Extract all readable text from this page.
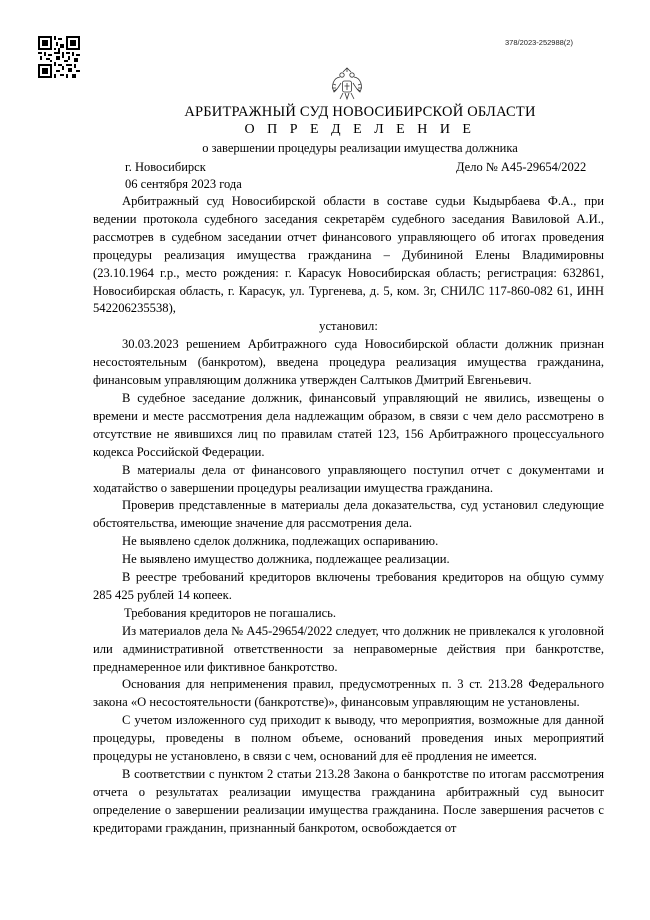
378/2023-252988(2)
АРБИТРАЖНЫЙ СУД НОВОСИБИРСКОЙ ОБЛАСТИ
О П Р Е Д Е Л Е Н И Е
о завершении процедуры реализации имущества должника
г. Новосибирск	Дело № А45-29654/2022
06 сентября 2023 года

Арбитражный суд Новосибирской области в составе судьи Кыдырбаева Ф.А., при ведении протокола судебного заседания секретарём судебного заседания Вавиловой А.И., рассмотрев в судебном заседании отчет финансового управляющего об итогах проведения процедуры реализация имущества гражданина – Дубининой Елены Владимировны (23.10.1964 г.р., место рождения: г. Карасук Новосибирская область; регистрация: 632861, Новосибирская область, г. Карасук, ул. Тургенева, д. 5, ком. 3г, СНИЛС 117-860-082 61, ИНН 542206235538),

установил:

30.03.2023 решением Арбитражного суда Новосибирской области должник признан несостоятельным (банкротом), введена процедура реализация имущества гражданина, финансовым управляющим должника утвержден Салтыков Дмитрий Евгеньевич.

В судебное заседание должник, финансовый управляющий не явились, извещены о времени и месте рассмотрения дела надлежащим образом, в связи с чем дело рассмотрено в отсутствие не явившихся лиц по правилам статей 123, 156 Арбитражного процессуального кодекса Российской Федерации.

В материалы дела от финансового управляющего поступил отчет с документами и ходатайство о завершении процедуры реализации имущества гражданина.

Проверив представленные в материалы дела доказательства, суд установил следующие обстоятельства, имеющие значение для рассмотрения дела.

Не выявлено сделок должника, подлежащих оспариванию.

Не выявлено имущество должника, подлежащее реализации.

В реестре требований кредиторов включены требования кредиторов на общую сумму 285 425 рублей 14 копеек.

Требования кредиторов не погашались.

Из материалов дела № А45-29654/2022 следует, что должник не привлекался к уголовной или административной ответственности за неправомерные действия при банкротстве, преднамеренное или фиктивное банкротство.

Основания для неприменения правил, предусмотренных п. 3 ст. 213.28 Федерального закона «О несостоятельности (банкротстве)», финансовым управляющим не установлены.

С учетом изложенного суд приходит к выводу, что мероприятия, возможные для данной процедуры, проведены в полном объеме, оснований проведения иных мероприятий процедуры не установлено, в связи с чем, оснований для её продления не имеется.

В соответствии с пунктом 2 статьи 213.28 Закона о банкротстве по итогам рассмотрения отчета о результатах реализации имущества гражданина арбитражный суд выносит определение о завершении реализации имущества гражданина. После завершения расчетов с кредиторами гражданин, признанный банкротом, освобождается от
